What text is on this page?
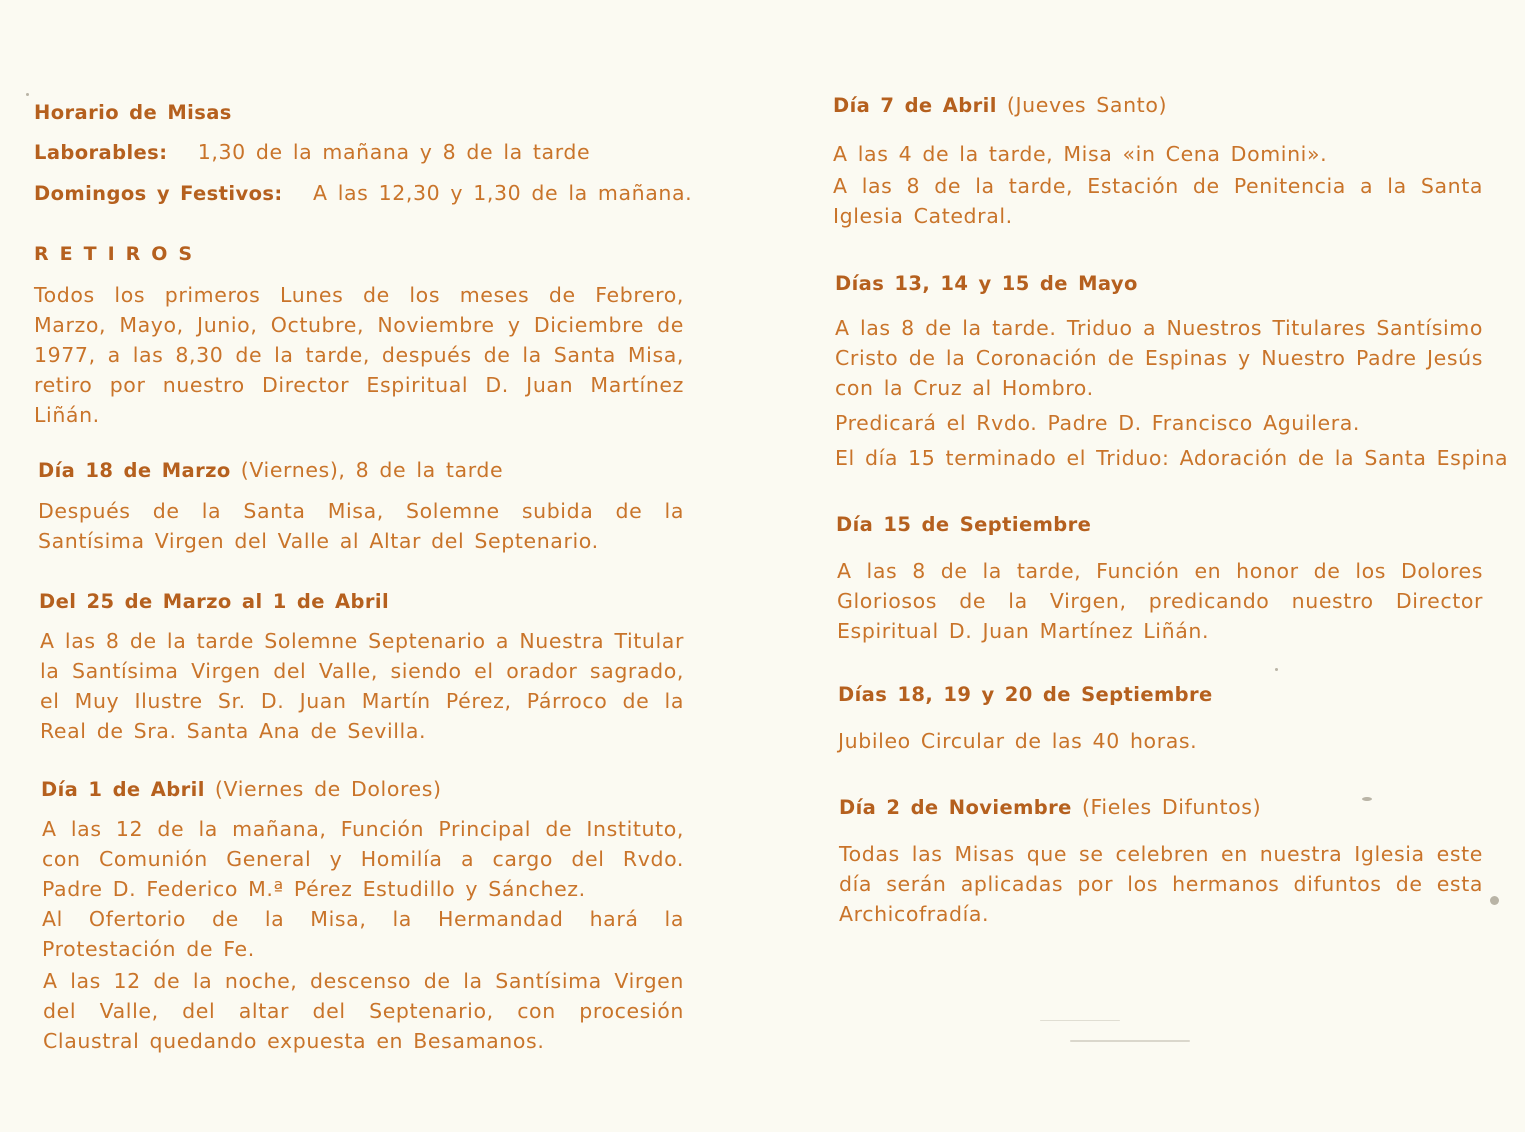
Horario de Misas

Laborables: 1,30 de la mañana y 8 de la tarde

Domingos y Festivos: A las 12,30 y 1,30 de la mañana.

RETIROS

Todos los primeros Lunes de los meses de Febrero, Marzo, Mayo, Junio, Octubre, Noviembre y Diciembre de 1977, a las 8,30 de la tarde, después de la Santa Misa, retiro por nuestro Director Espiritual D. Juan Martínez Liñán.

Día 18 de Marzo (Viernes), 8 de la tarde

Después de la Santa Misa, Solemne subida de la Santísima Virgen del Valle al Altar del Septenario.

Del 25 de Marzo al 1 de Abril

A las 8 de la tarde Solemne Septenario a Nuestra Titular la Santísima Virgen del Valle, siendo el orador sagrado, el Muy Ilustre Sr. D. Juan Martín Pérez, Párroco de la Real de Sra. Santa Ana de Sevilla.

Día 1 de Abril (Viernes de Dolores)

A las 12 de la mañana, Función Principal de Instituto, con Comunión General y Homilía a cargo del Rvdo. Padre D. Federico M.ª Pérez Estudillo y Sánchez.

Al Ofertorio de la Misa, la Hermandad hará la Protestación de Fe.

A las 12 de la noche, descenso de la Santísima Virgen del Valle, del altar del Septenario, con procesión Claustral quedando expuesta en Besamanos.

Día 7 de Abril (Jueves Santo)

A las 4 de la tarde, Misa «in Cena Domini».

A las 8 de la tarde, Estación de Penitencia a la Santa Iglesia Catedral.

Días 13, 14 y 15 de Mayo

A las 8 de la tarde. Triduo a Nuestros Titulares Santísimo Cristo de la Coronación de Espinas y Nuestro Padre Jesús con la Cruz al Hombro.

Predicará el Rvdo. Padre D. Francisco Aguilera.

El día 15 terminado el Triduo: Adoración de la Santa Espina

Día 15 de Septiembre

A las 8 de la tarde, Función en honor de los Dolores Gloriosos de la Virgen, predicando nuestro Director Espiritual D. Juan Martínez Liñán.

Días 18, 19 y 20 de Septiembre

Jubileo Circular de las 40 horas.

Día 2 de Noviembre (Fieles Difuntos)

Todas las Misas que se celebren en nuestra Iglesia este día serán aplicadas por los hermanos difuntos de esta Archicofradía.
